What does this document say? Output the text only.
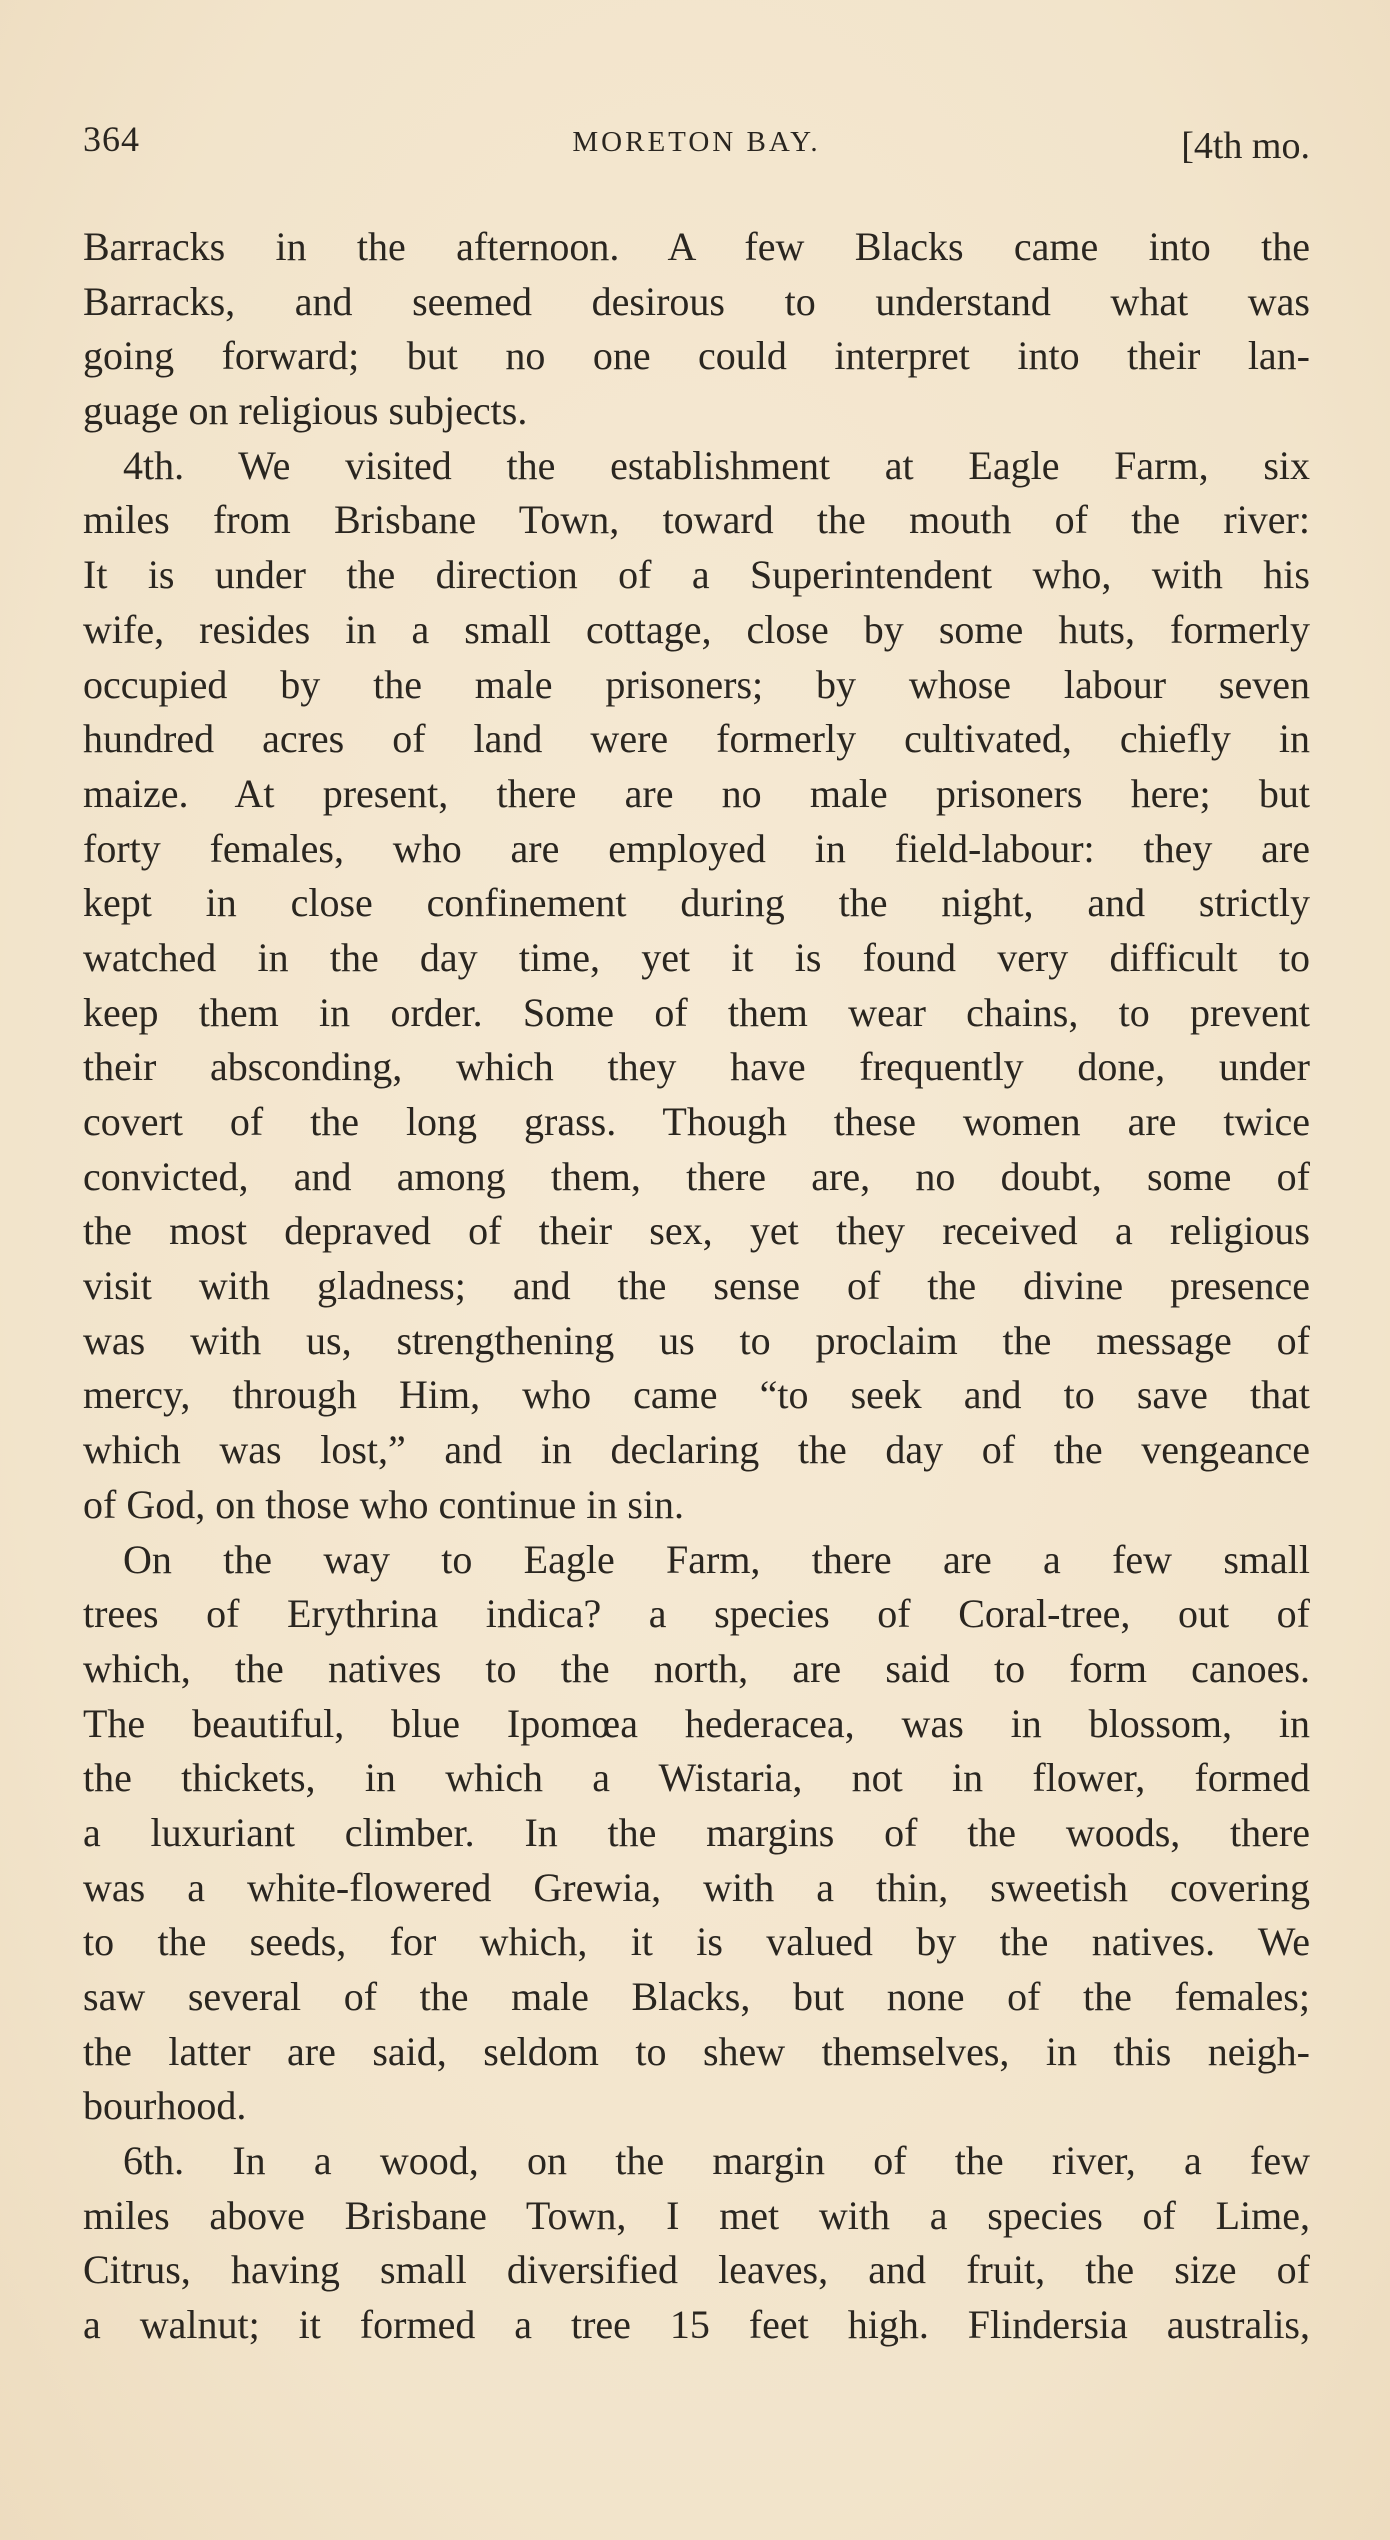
364	MORETON BAY.	[4th mo.
Barracks in the afternoon. A few Blacks came into the
Barracks, and seemed desirous to understand what was
going forward; but no one could interpret into their lan-
guage on religious subjects.
4th. We visited the establishment at Eagle Farm, six
miles from Brisbane Town, toward the mouth of the river:
It is under the direction of a Superintendent who, with his
wife, resides in a small cottage, close by some huts, formerly
occupied by the male prisoners; by whose labour seven
hundred acres of land were formerly cultivated, chiefly in
maize. At present, there are no male prisoners here; but
forty females, who are employed in field-labour: they are
kept in close confinement during the night, and strictly
watched in the day time, yet it is found very difficult to
keep them in order. Some of them wear chains, to prevent
their absconding, which they have frequently done, under
covert of the long grass. Though these women are twice
convicted, and among them, there are, no doubt, some of
the most depraved of their sex, yet they received a religious
visit with gladness; and the sense of the divine presence
was with us, strengthening us to proclaim the message of
mercy, through Him, who came “to seek and to save that
which was lost,” and in declaring the day of the vengeance
of God, on those who continue in sin.
On the way to Eagle Farm, there are a few small
trees of Erythrina indica? a species of Coral-tree, out of
which, the natives to the north, are said to form canoes.
The beautiful, blue Ipomœa hederacea, was in blossom, in
the thickets, in which a Wistaria, not in flower, formed
a luxuriant climber. In the margins of the woods, there
was a white-flowered Grewia, with a thin, sweetish covering
to the seeds, for which, it is valued by the natives. We
saw several of the male Blacks, but none of the females;
the latter are said, seldom to shew themselves, in this neigh-
bourhood.
6th. In a wood, on the margin of the river, a few
miles above Brisbane Town, I met with a species of Lime,
Citrus, having small diversified leaves, and fruit, the size of
a walnut; it formed a tree 15 feet high. Flindersia australis,
